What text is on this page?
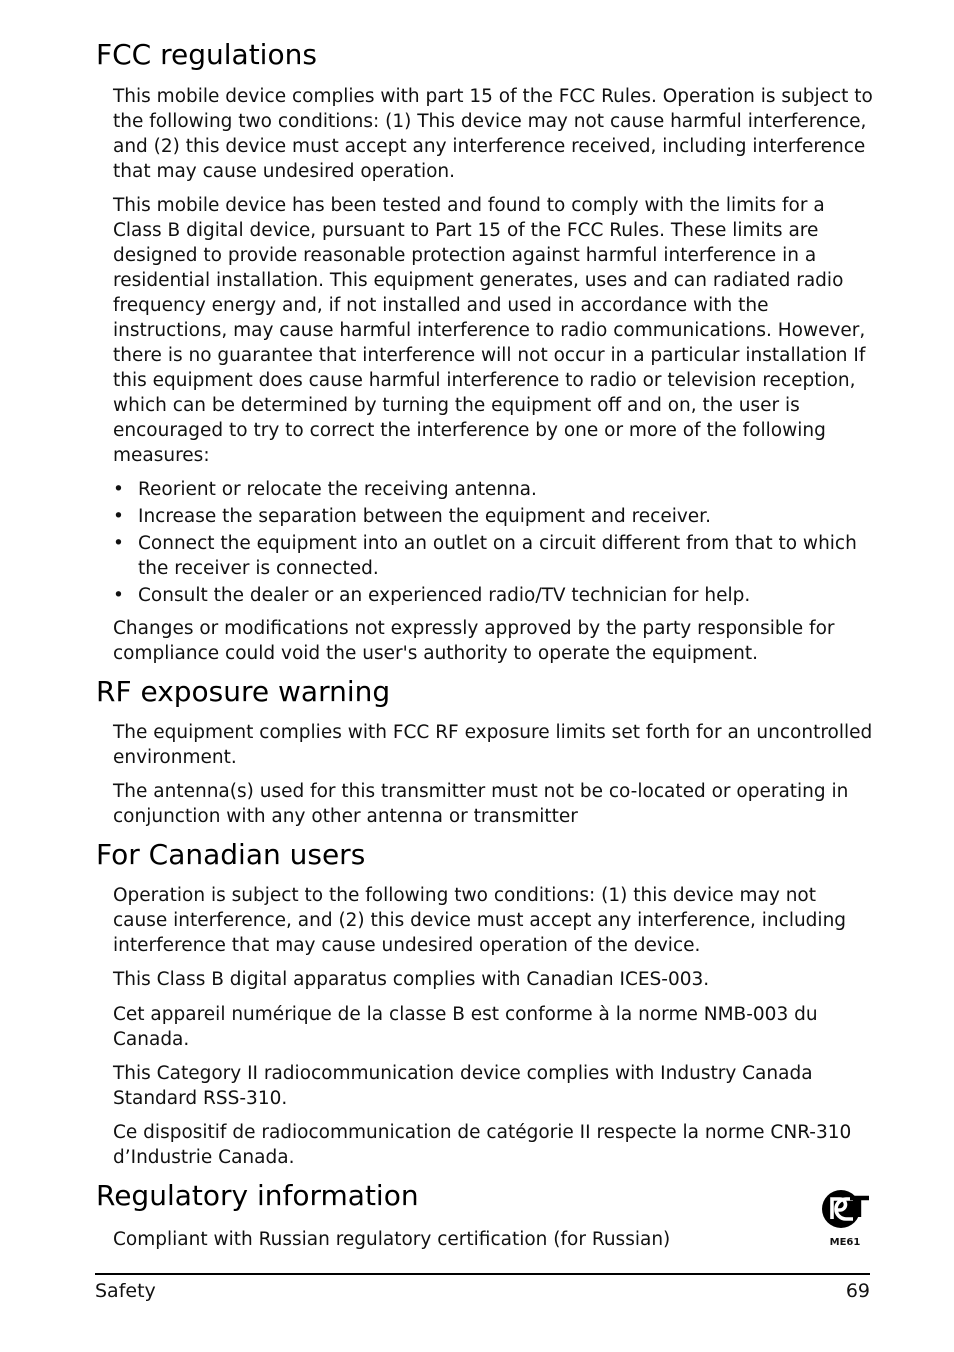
FCC regulations

This mobile device complies with part 15 of the FCC Rules. Operation is subject to the following two conditions: (1) This device may not cause harmful interference, and (2) this device must accept any interference received, including interference that may cause undesired operation.

This mobile device has been tested and found to comply with the limits for a Class B digital device, pursuant to Part 15 of the FCC Rules. These limits are designed to provide reasonable protection against harmful interference in a residential installation. This equipment generates, uses and can radiated radio frequency energy and, if not installed and used in accordance with the instructions, may cause harmful interference to radio communications. However, there is no guarantee that interference will not occur in a particular installation If this equipment does cause harmful interference to radio or television reception, which can be determined by turning the equipment off and on, the user is encouraged to try to correct the interference by one or more of the following measures:

• Reorient or relocate the receiving antenna.
• Increase the separation between the equipment and receiver.
• Connect the equipment into an outlet on a circuit different from that to which the receiver is connected.
• Consult the dealer or an experienced radio/TV technician for help.

Changes or modifications not expressly approved by the party responsible for compliance could void the user's authority to operate the equipment.

RF exposure warning

The equipment complies with FCC RF exposure limits set forth for an uncontrolled environment.

The antenna(s) used for this transmitter must not be co-located or operating in conjunction with any other antenna or transmitter

For Canadian users

Operation is subject to the following two conditions: (1) this device may not cause interference, and (2) this device must accept any interference, including interference that may cause undesired operation of the device.

This Class B digital apparatus complies with Canadian ICES-003.

Cet appareil numérique de la classe B est conforme à la norme NMB-003 du Canada.

This Category II radiocommunication device complies with Industry Canada Standard RSS-310.

Ce dispositif de radiocommunication de catégorie II respecte la norme CNR-310 d’Industrie Canada.

Regulatory information

Compliant with Russian regulatory certification (for Russian)	ME61
Safety	69
